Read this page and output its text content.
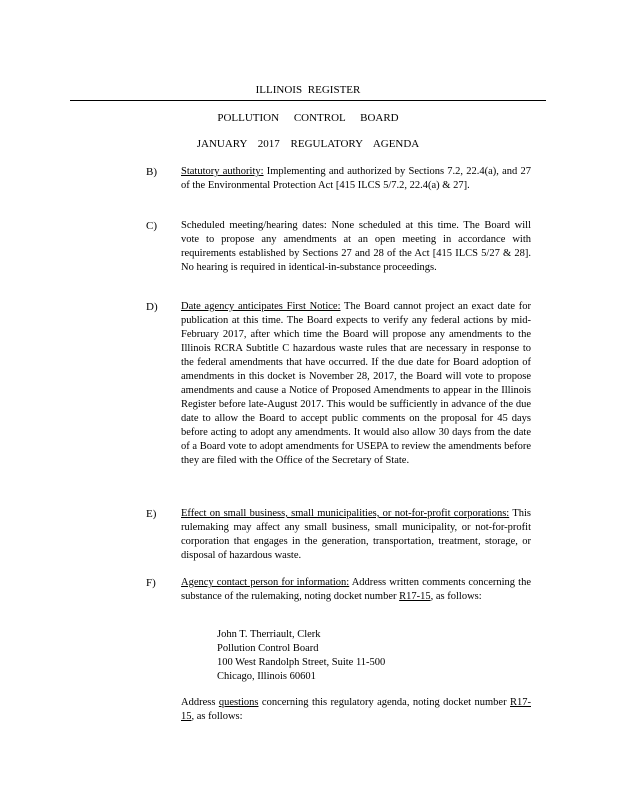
ILLINOIS REGISTER
POLLUTION CONTROL BOARD
JANUARY 2017 REGULATORY AGENDA
B) Statutory authority: Implementing and authorized by Sections 7.2, 22.4(a), and 27 of the Environmental Protection Act [415 ILCS 5/7.2, 22.4(a) & 27].
C) Scheduled meeting/hearing dates: None scheduled at this time. The Board will vote to propose any amendments at an open meeting in accordance with requirements established by Sections 27 and 28 of the Act [415 ILCS 5/27 & 28]. No hearing is required in identical-in-substance proceedings.
D) Date agency anticipates First Notice: The Board cannot project an exact date for publication at this time. The Board expects to verify any federal actions by mid-February 2017, after which time the Board will propose any amendments to the Illinois RCRA Subtitle C hazardous waste rules that are necessary in response to the federal amendments that have occurred. If the due date for Board adoption of amendments in this docket is November 28, 2017, the Board will vote to propose amendments and cause a Notice of Proposed Amendments to appear in the Illinois Register before late-August 2017. This would be sufficiently in advance of the due date to allow the Board to accept public comments on the proposal for 45 days before acting to adopt any amendments. It would also allow 30 days from the date of a Board vote to adopt amendments for USEPA to review the amendments before they are filed with the Office of the Secretary of State.
E) Effect on small business, small municipalities, or not-for-profit corporations: This rulemaking may affect any small business, small municipality, or not-for-profit corporation that engages in the generation, transportation, treatment, storage, or disposal of hazardous waste.
F) Agency contact person for information: Address written comments concerning the substance of the rulemaking, noting docket number R17-15, as follows:
John T. Therriault, Clerk
Pollution Control Board
100 West Randolph Street, Suite 11-500
Chicago, Illinois 60601
Address questions concerning this regulatory agenda, noting docket number R17-15, as follows:
